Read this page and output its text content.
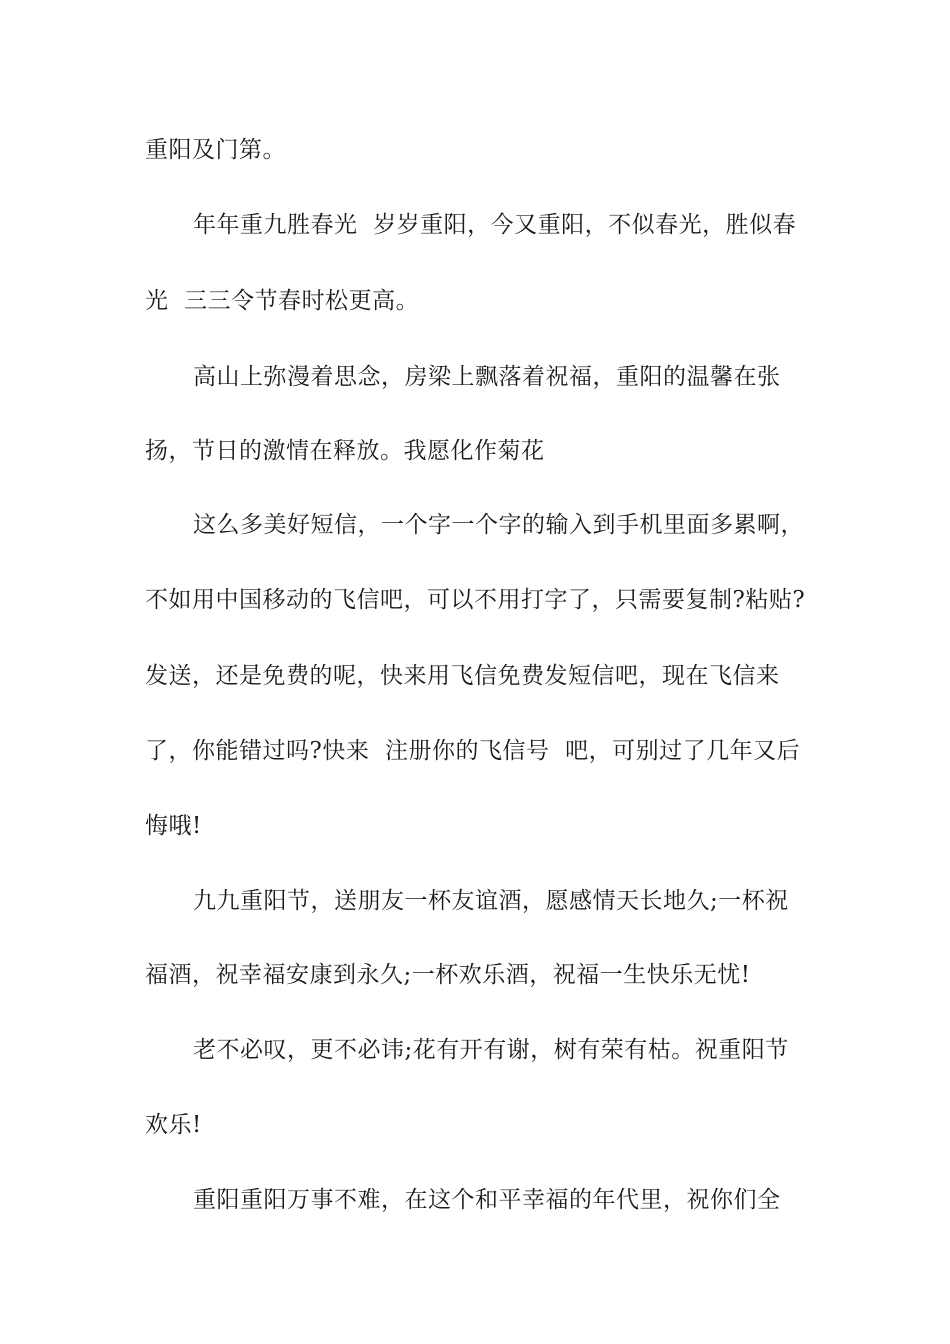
重阳及门第。

年年重九胜春光  岁岁重阳，今又重阳，不似春光，胜似春

光  三三令节春时松更高。

高山上弥漫着思念，房梁上飘落着祝福，重阳的温馨在张

扬，节日的激情在释放。我愿化作菊花

这么多美好短信，一个字一个字的输入到手机里面多累啊，

不如用中国移动的飞信吧，可以不用打字了，只需要复制?粘贴?

发送，还是免费的呢，快来用飞信免费发短信吧，现在飞信来

了，你能错过吗?快来  注册你的飞信号  吧，可别过了几年又后

悔哦!

九九重阳节，送朋友一杯友谊酒，愿感情天长地久;一杯祝

福酒，祝幸福安康到永久;一杯欢乐酒，祝福一生快乐无忧!

老不必叹，更不必讳;花有开有谢，树有荣有枯。祝重阳节

欢乐!

重阳重阳万事不难，在这个和平幸福的年代里，祝你们全
